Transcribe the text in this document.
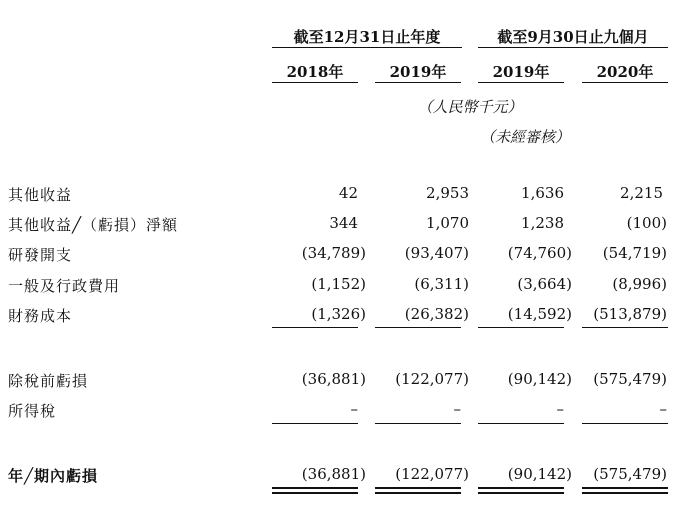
截至12月31日止年度	截至9月30日止九個月
2018年	2019年	2019年	2020年
（人民幣千元）
（未經審核）
其他收益	42	2,953	1,636	2,215
其他收益╱（虧損）淨額	344	1,070	1,238	(100)
研發開支	(34,789)	(93,407)	(74,760)	(54,719)
一般及行政費用	(1,152)	(6,311)	(3,664)	(8,996)
財務成本	(1,326)	(26,382)	(14,592)	(513,879)
除稅前虧損	(36,881)	(122,077)	(90,142)	(575,479)
所得稅	–	–	–	–
年╱期內虧損	(36,881)	(122,077)	(90,142)	(575,479)
